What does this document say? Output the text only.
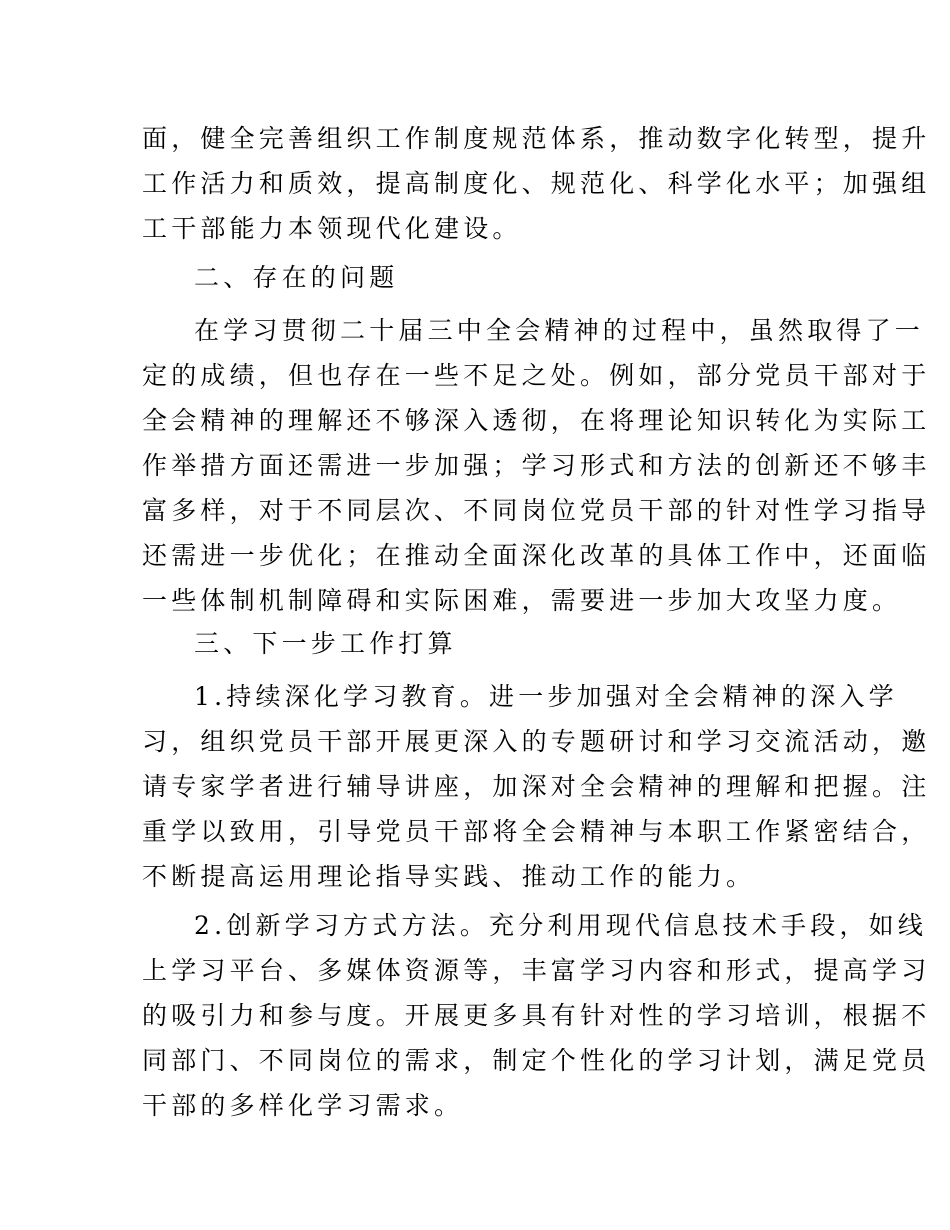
面，健全完善组织工作制度规范体系，推动数字化转型，提升
工作活力和质效，提高制度化、规范化、科学化水平；加强组
工干部能力本领现代化建设。
二、存在的问题
在学习贯彻二十届三中全会精神的过程中，虽然取得了一
定的成绩，但也存在一些不足之处。例如，部分党员干部对于
全会精神的理解还不够深入透彻，在将理论知识转化为实际工
作举措方面还需进一步加强；学习形式和方法的创新还不够丰
富多样，对于不同层次、不同岗位党员干部的针对性学习指导
还需进一步优化；在推动全面深化改革的具体工作中，还面临
一些体制机制障碍和实际困难，需要进一步加大攻坚力度。
三、下一步工作打算
1.持续深化学习教育。进一步加强对全会精神的深入学
习，组织党员干部开展更深入的专题研讨和学习交流活动，邀
请专家学者进行辅导讲座，加深对全会精神的理解和把握。注
重学以致用，引导党员干部将全会精神与本职工作紧密结合，
不断提高运用理论指导实践、推动工作的能力。
2.创新学习方式方法。充分利用现代信息技术手段，如线
上学习平台、多媒体资源等，丰富学习内容和形式，提高学习
的吸引力和参与度。开展更多具有针对性的学习培训，根据不
同部门、不同岗位的需求，制定个性化的学习计划，满足党员
干部的多样化学习需求。
